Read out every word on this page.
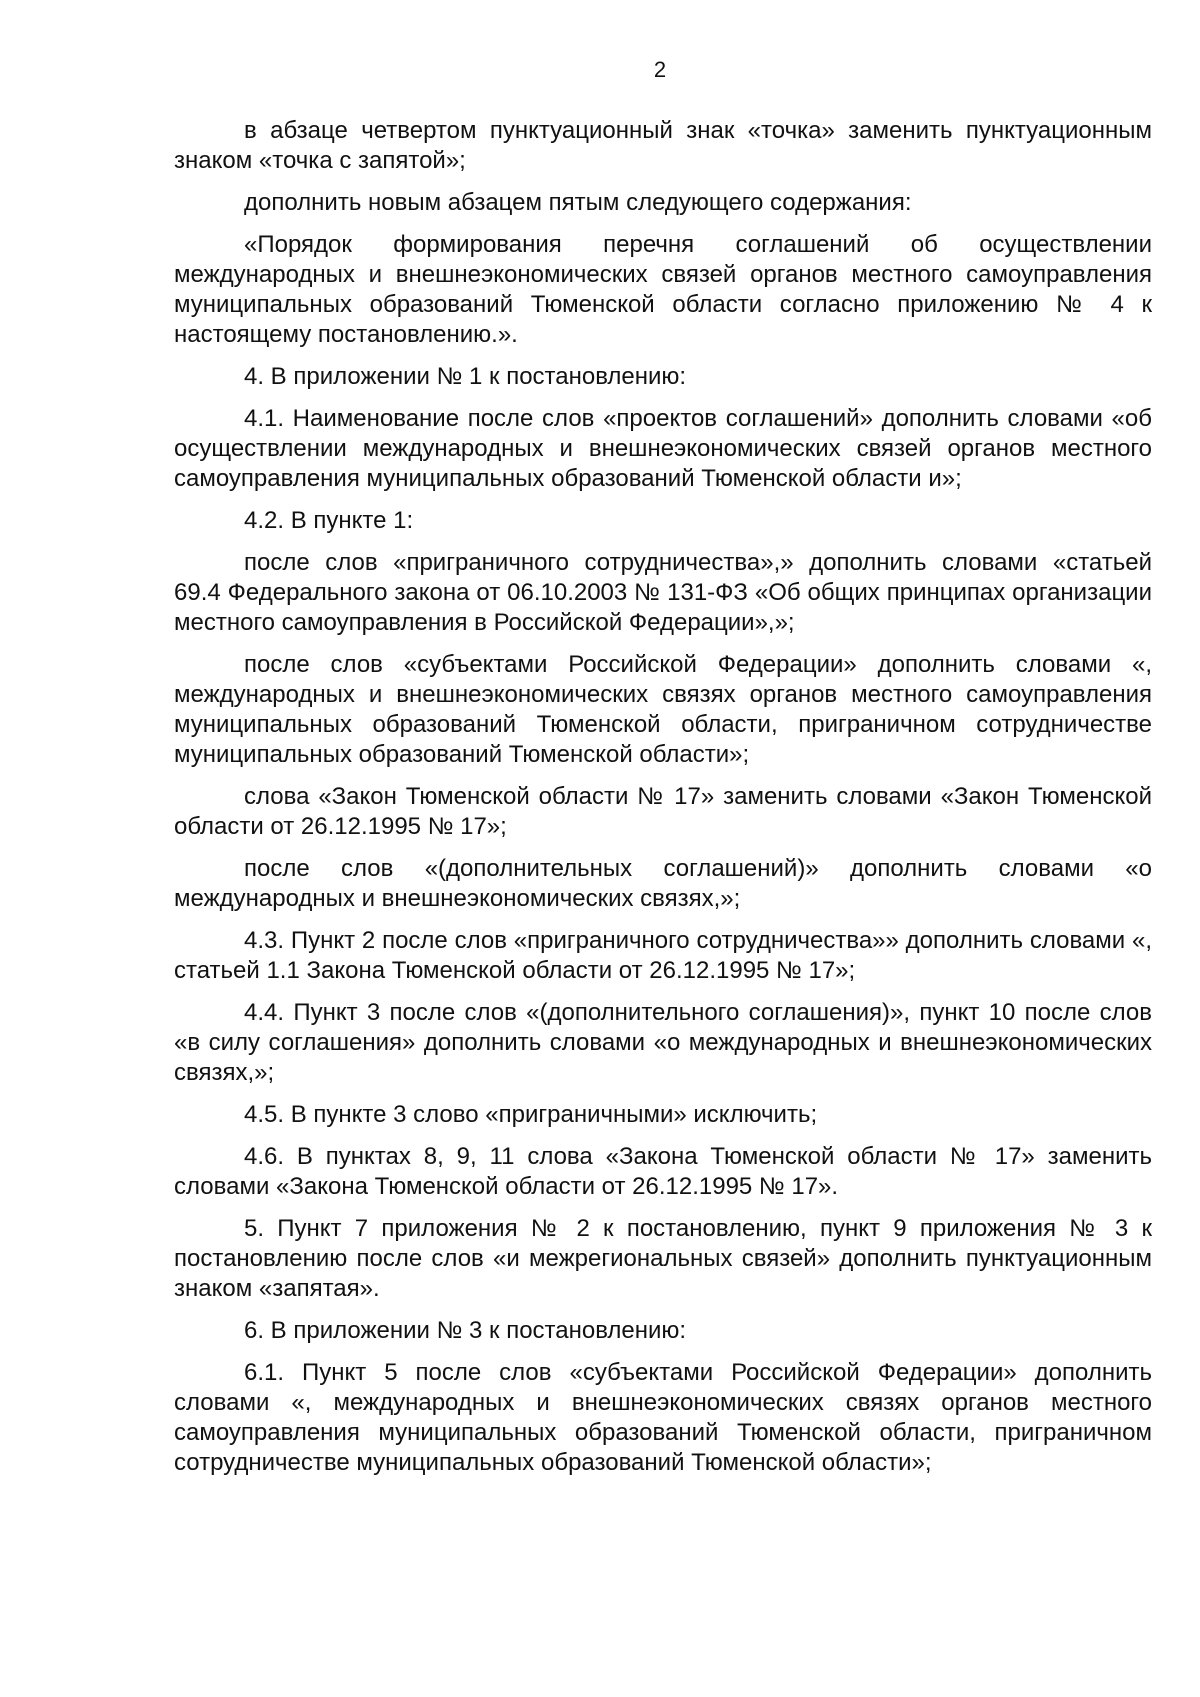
2

в абзаце четвертом пунктуационный знак «точка» заменить пунктуационным знаком «точка с запятой»;

дополнить новым абзацем пятым следующего содержания:

«Порядок формирования перечня соглашений об осуществлении международных и внешнеэкономических связей органов местного самоуправления муниципальных образований Тюменской области согласно приложению № 4 к настоящему постановлению.».

4. В приложении № 1 к постановлению:

4.1. Наименование после слов «проектов соглашений» дополнить словами «об осуществлении международных и внешнеэкономических связей органов местного самоуправления муниципальных образований Тюменской области и»;

4.2. В пункте 1:

после слов «приграничного сотрудничества»,» дополнить словами «статьей 69.4 Федерального закона от 06.10.2003 № 131-ФЗ «Об общих принципах организации местного самоуправления в Российской Федерации»,»;

после слов «субъектами Российской Федерации» дополнить словами «, международных и внешнеэкономических связях органов местного самоуправления муниципальных образований Тюменской области, приграничном сотрудничестве муниципальных образований Тюменской области»;

слова «Закон Тюменской области № 17» заменить словами «Закон Тюменской области от 26.12.1995 № 17»;

после слов «(дополнительных соглашений)» дополнить словами «о международных и внешнеэкономических связях,»;

4.3. Пункт 2 после слов «приграничного сотрудничества»» дополнить словами «, статьей 1.1 Закона Тюменской области от 26.12.1995 № 17»;

4.4. Пункт 3 после слов «(дополнительного соглашения)», пункт 10 после слов «в силу соглашения» дополнить словами «о международных и внешнеэкономических связях,»;

4.5. В пункте 3 слово «приграничными» исключить;

4.6. В пунктах 8, 9, 11 слова «Закона Тюменской области № 17» заменить словами «Закона Тюменской области от 26.12.1995 № 17».

5. Пункт 7 приложения № 2 к постановлению, пункт 9 приложения № 3 к постановлению после слов «и межрегиональных связей» дополнить пунктуационным знаком «запятая».

6. В приложении № 3 к постановлению:

6.1. Пункт 5 после слов «субъектами Российской Федерации» дополнить словами «, международных и внешнеэкономических связях органов местного самоуправления муниципальных образований Тюменской области, приграничном сотрудничестве муниципальных образований Тюменской области»;
